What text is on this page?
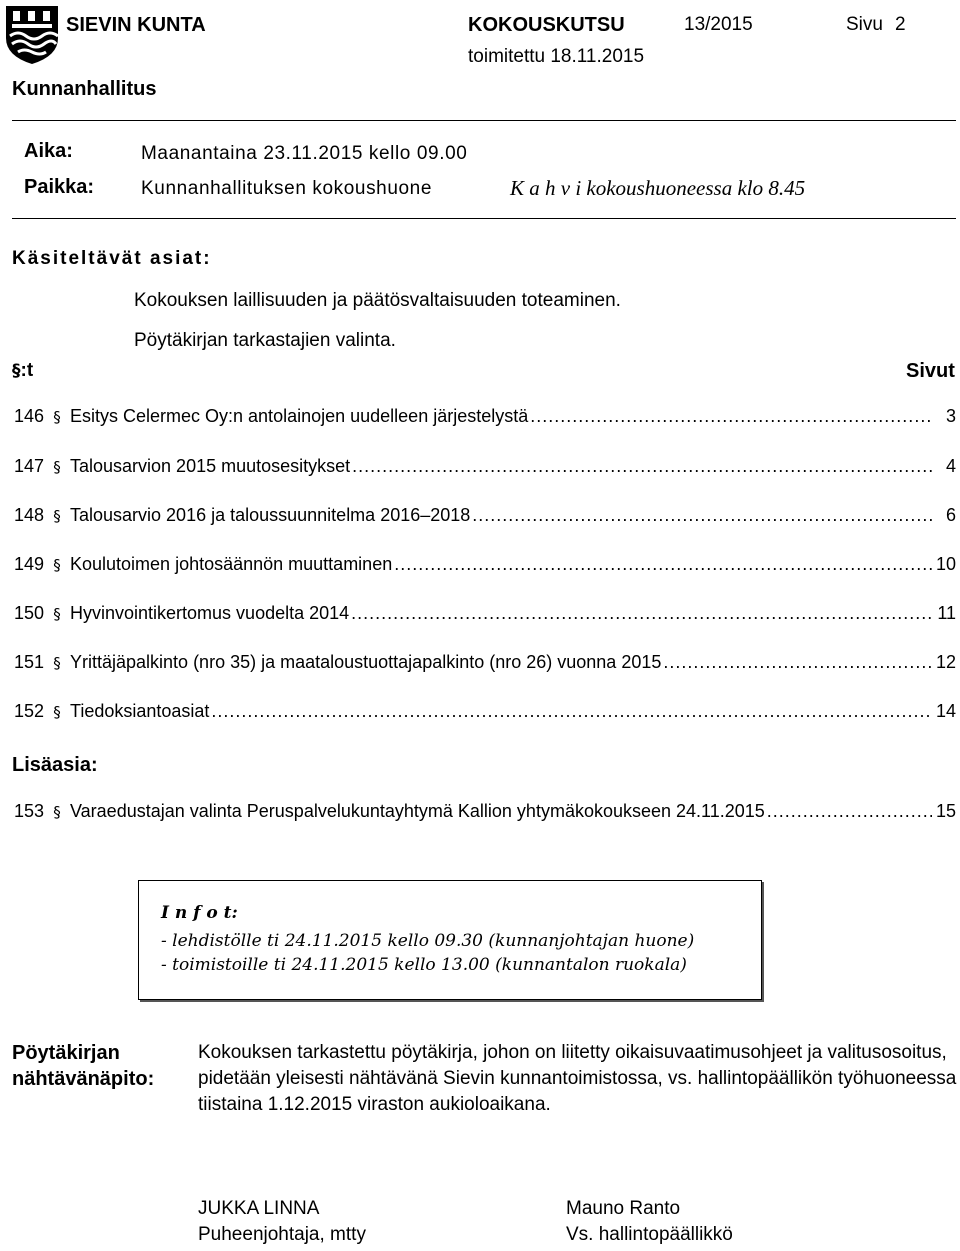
SIEVIN KUNTA
Kunnanhallitus
KOKOUSKUTSU	13/2015	Sivu 2
toimitettu 18.11.2015
Aika:	Maanantaina 23.11.2015 kello 09.00
Paikka: Kunnanhallituksen kokoushuone	K a h v i kokoushuoneessa klo 8.45
Käsiteltävät asiat:
Kokouksen laillisuuden ja päätösvaltaisuuden toteaminen.
Pöytäkirjan tarkastajien valinta.
§:t	Sivut
146 § Esitys Celermec Oy:n antolainojen uudelleen järjestelystä .....	3
147 § Talousarvion 2015 muutosesitykset .....	4
148 § Talousarvio 2016 ja taloussuunnitelma 2016–2018 .....	6
149 § Koulutoimen johtosäännön muuttaminen .....	10
150 § Hyvinvointikertomus vuodelta 2014 .....	11
151 § Yrittäjäpalkinto (nro 35) ja maataloustuottajapalkinto (nro 26) vuonna 2015 .....	12
152 § Tiedoksiantoasiat .....	14
Lisäasia:
153 § Varaedustajan valinta Peruspalvelukuntayhtymä Kallion yhtymäkokoukseen 24.11.2015 .....	15
I n f o t:
- lehdistölle ti 24.11.2015 kello 09.30 (kunnanjohtajan huone)
- toimistoille ti 24.11.2015 kello 13.00 (kunnantalon ruokala)
Pöytäkirjan
nähtävänäpito:
Kokouksen tarkastettu pöytäkirja, johon on liitetty oikaisuvaatimusohjeet ja valitusosoitus,
pidetään yleisesti nähtävänä Sievin kunnantoimistossa, vs. hallintopäällikön työhuoneessa
tiistaina 1.12.2015 viraston aukioloaikana.
JUKKA LINNA
Puheenjohtaja, mtty
Mauno Ranto
Vs. hallintopäällikkö
